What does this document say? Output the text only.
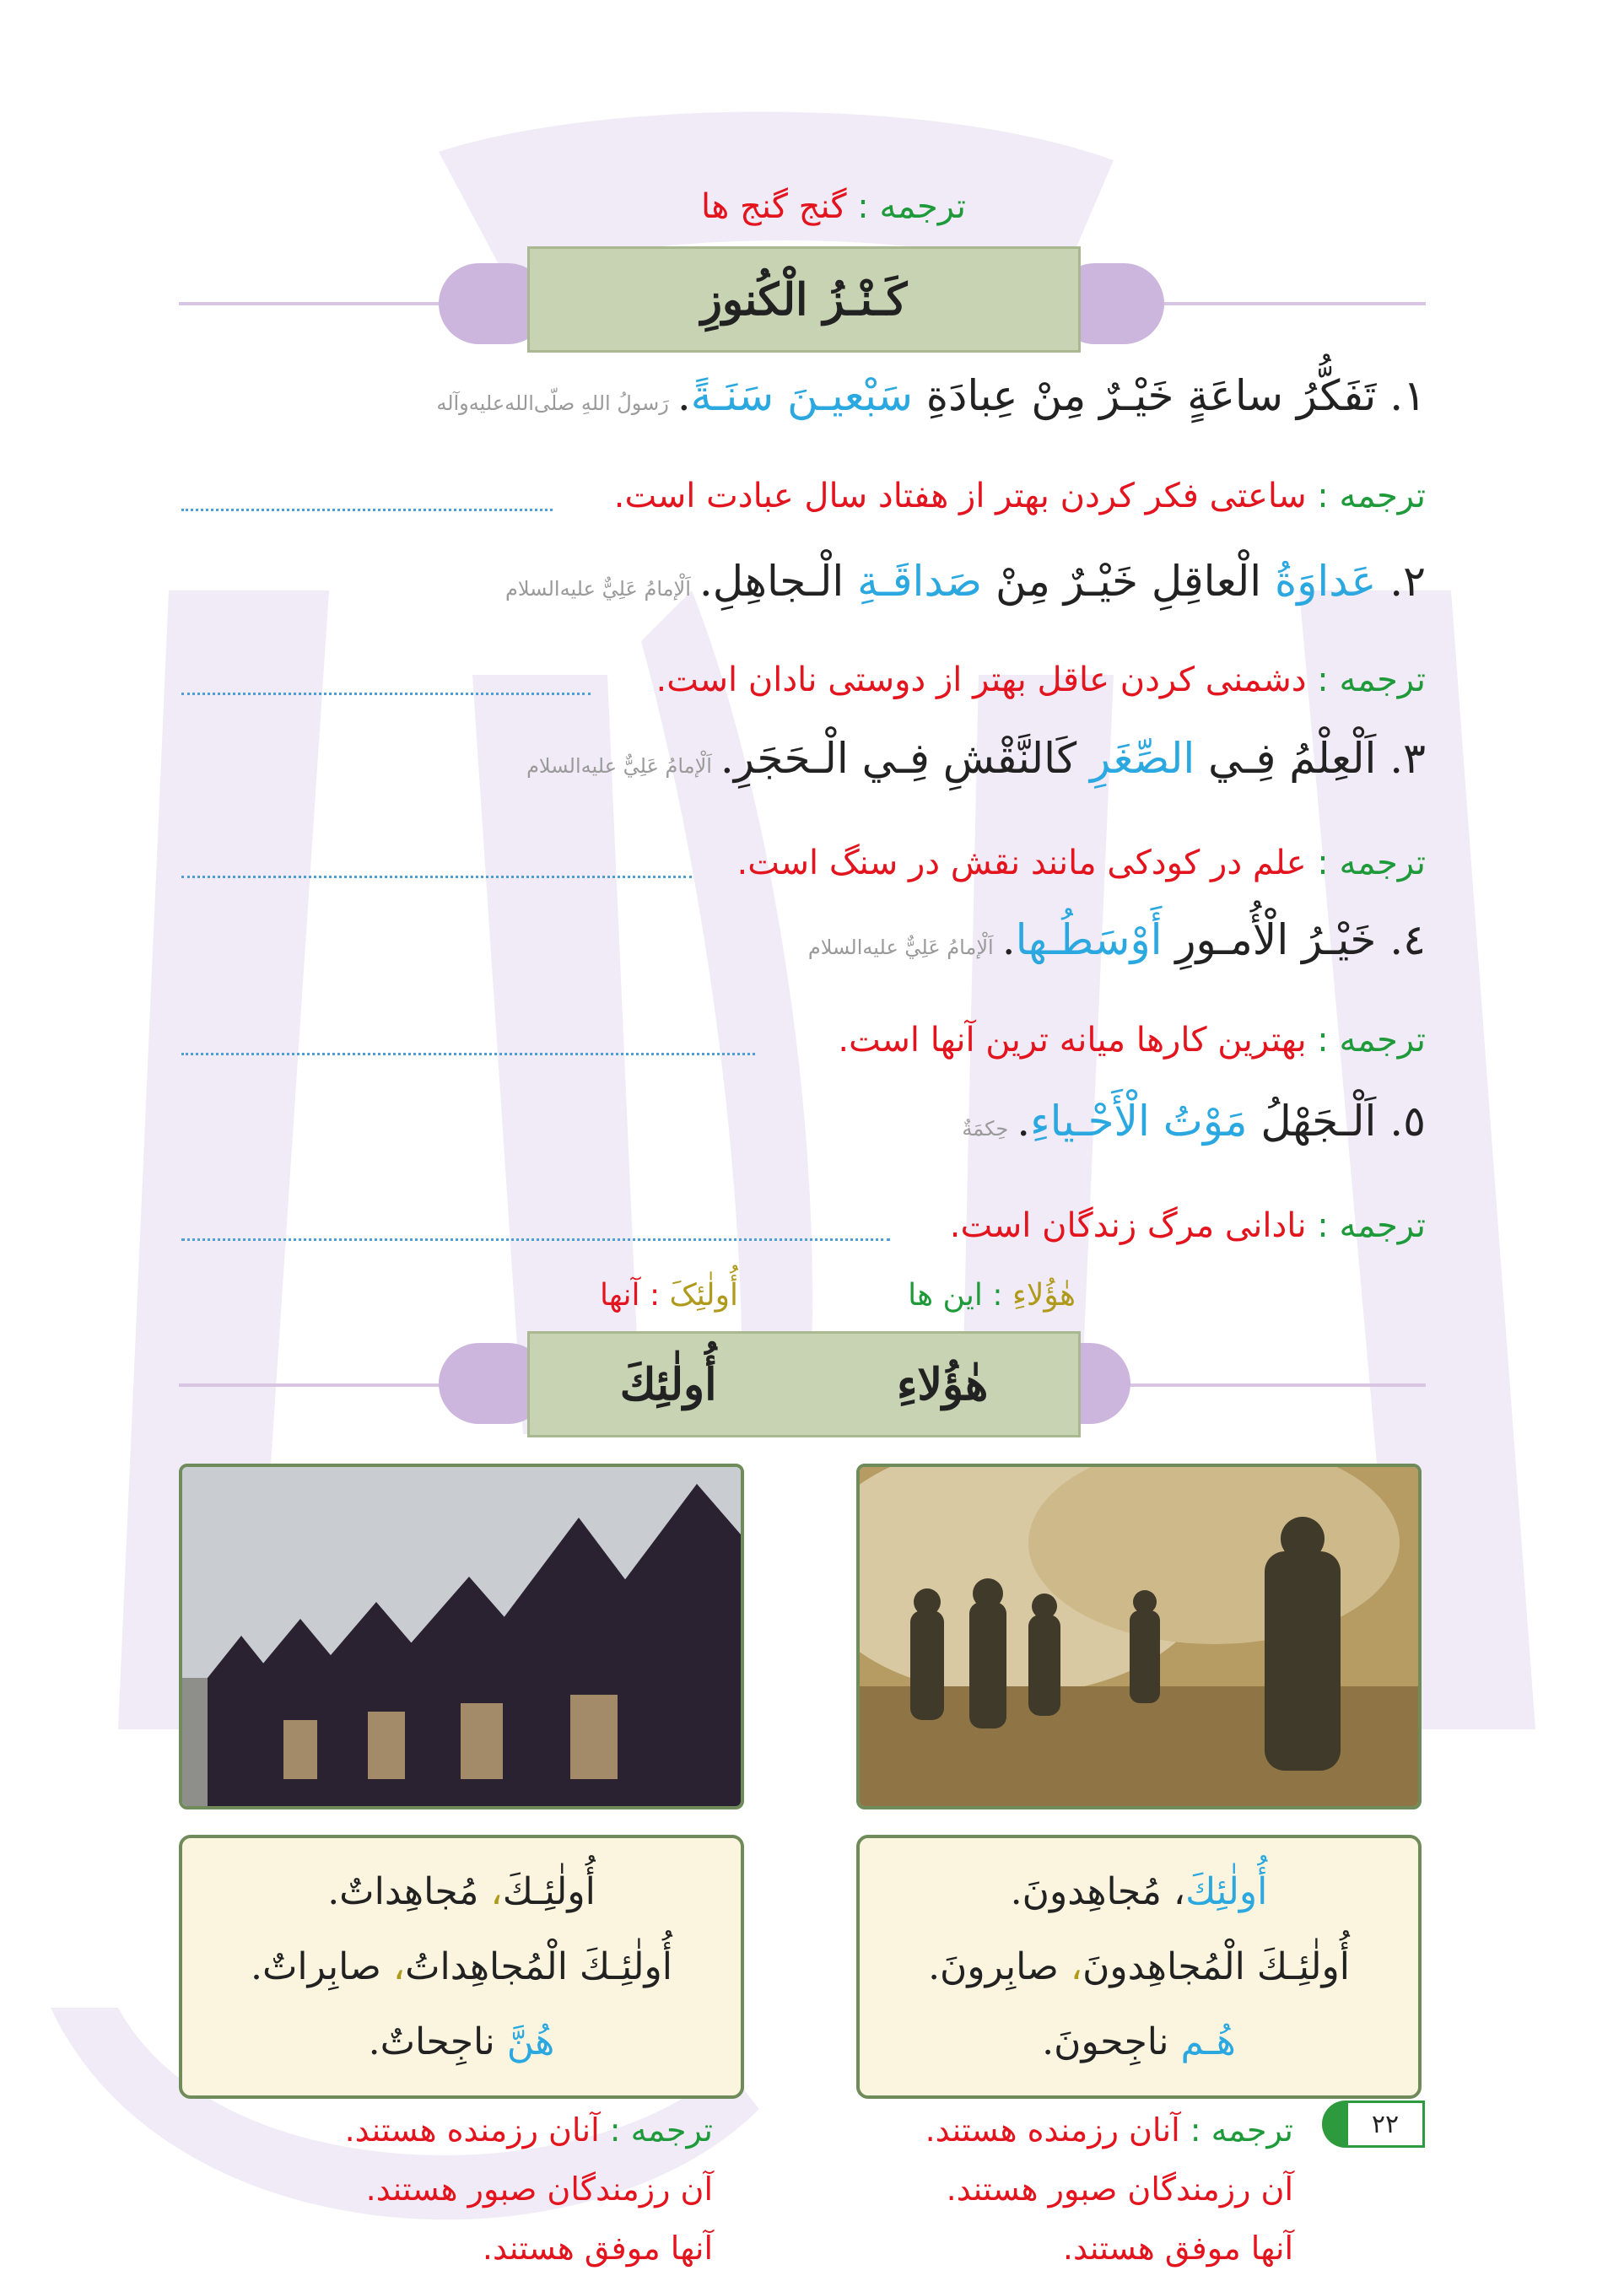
ترجمه : گنج گنج ها
كَـنْـزُ الْكُنوزِ
١. تَفَكُّرُ ساعَةٍ خَيْـرٌ مِنْ عِبادَةِ سَبْعيـنَ سَنَـةً.رَسولُ اللهِ صلّی‌الله‌علیه‌وآله
ترجمه : ساعتی فکر کردن بهتر از هفتاد سال عبادت است.
٢. عَداوَةُ الْعاقِلِ خَيْـرٌ مِنْ صَداقَـةِ الْـجاهِلِ.اَلْإمامُ عَلِيٌّ علیه‌السلام
ترجمه : دشمنی کردن عاقل بهتر از دوستی نادان است.
٣. اَلْعِلْمُ فِـي الصِّغَرِ كَالنَّقْشِ فِـي الْـحَجَرِ.اَلْإمامُ عَلِيٌّ علیه‌السلام
ترجمه : علم در کودکی مانند نقش در سنگ است.
٤. خَيْـرُ الْأُمـورِ أَوْسَطُـها.اَلْإمامُ عَلِيٌّ علیه‌السلام
ترجمه : بهترین کارها میانه ترین آنها است.
٥. اَلْـجَهْلُ مَوْتُ الْأَحْـياءِ.حِكمَةٌ
ترجمه : نادانی مرگ زندگان است.
هٰؤُلاءِ : این ها
أُولٰئِکَ : آنها
أُولٰئِكَ	هٰؤُلاءِ
أُولٰئِكَ، مُجاهِدونَ.
أُولٰئِـكَ الْمُجاهِدونَ، صابِرونَ.
هُـم ناجِحونَ.
أُولٰئِـكَ، مُجاهِداتٌ.
أُولٰئِـكَ الْمُجاهِداتُ، صابِراتٌ.
هُنَّ ناجِحاتٌ.
ترجمه : آنان رزمنده هستند.
آن رزمندگان صبور هستند.
آنها موفق هستند.
ترجمه : آنان رزمنده هستند.
آن رزمندگان صبور هستند.
آنها موفق هستند.
٢٢
